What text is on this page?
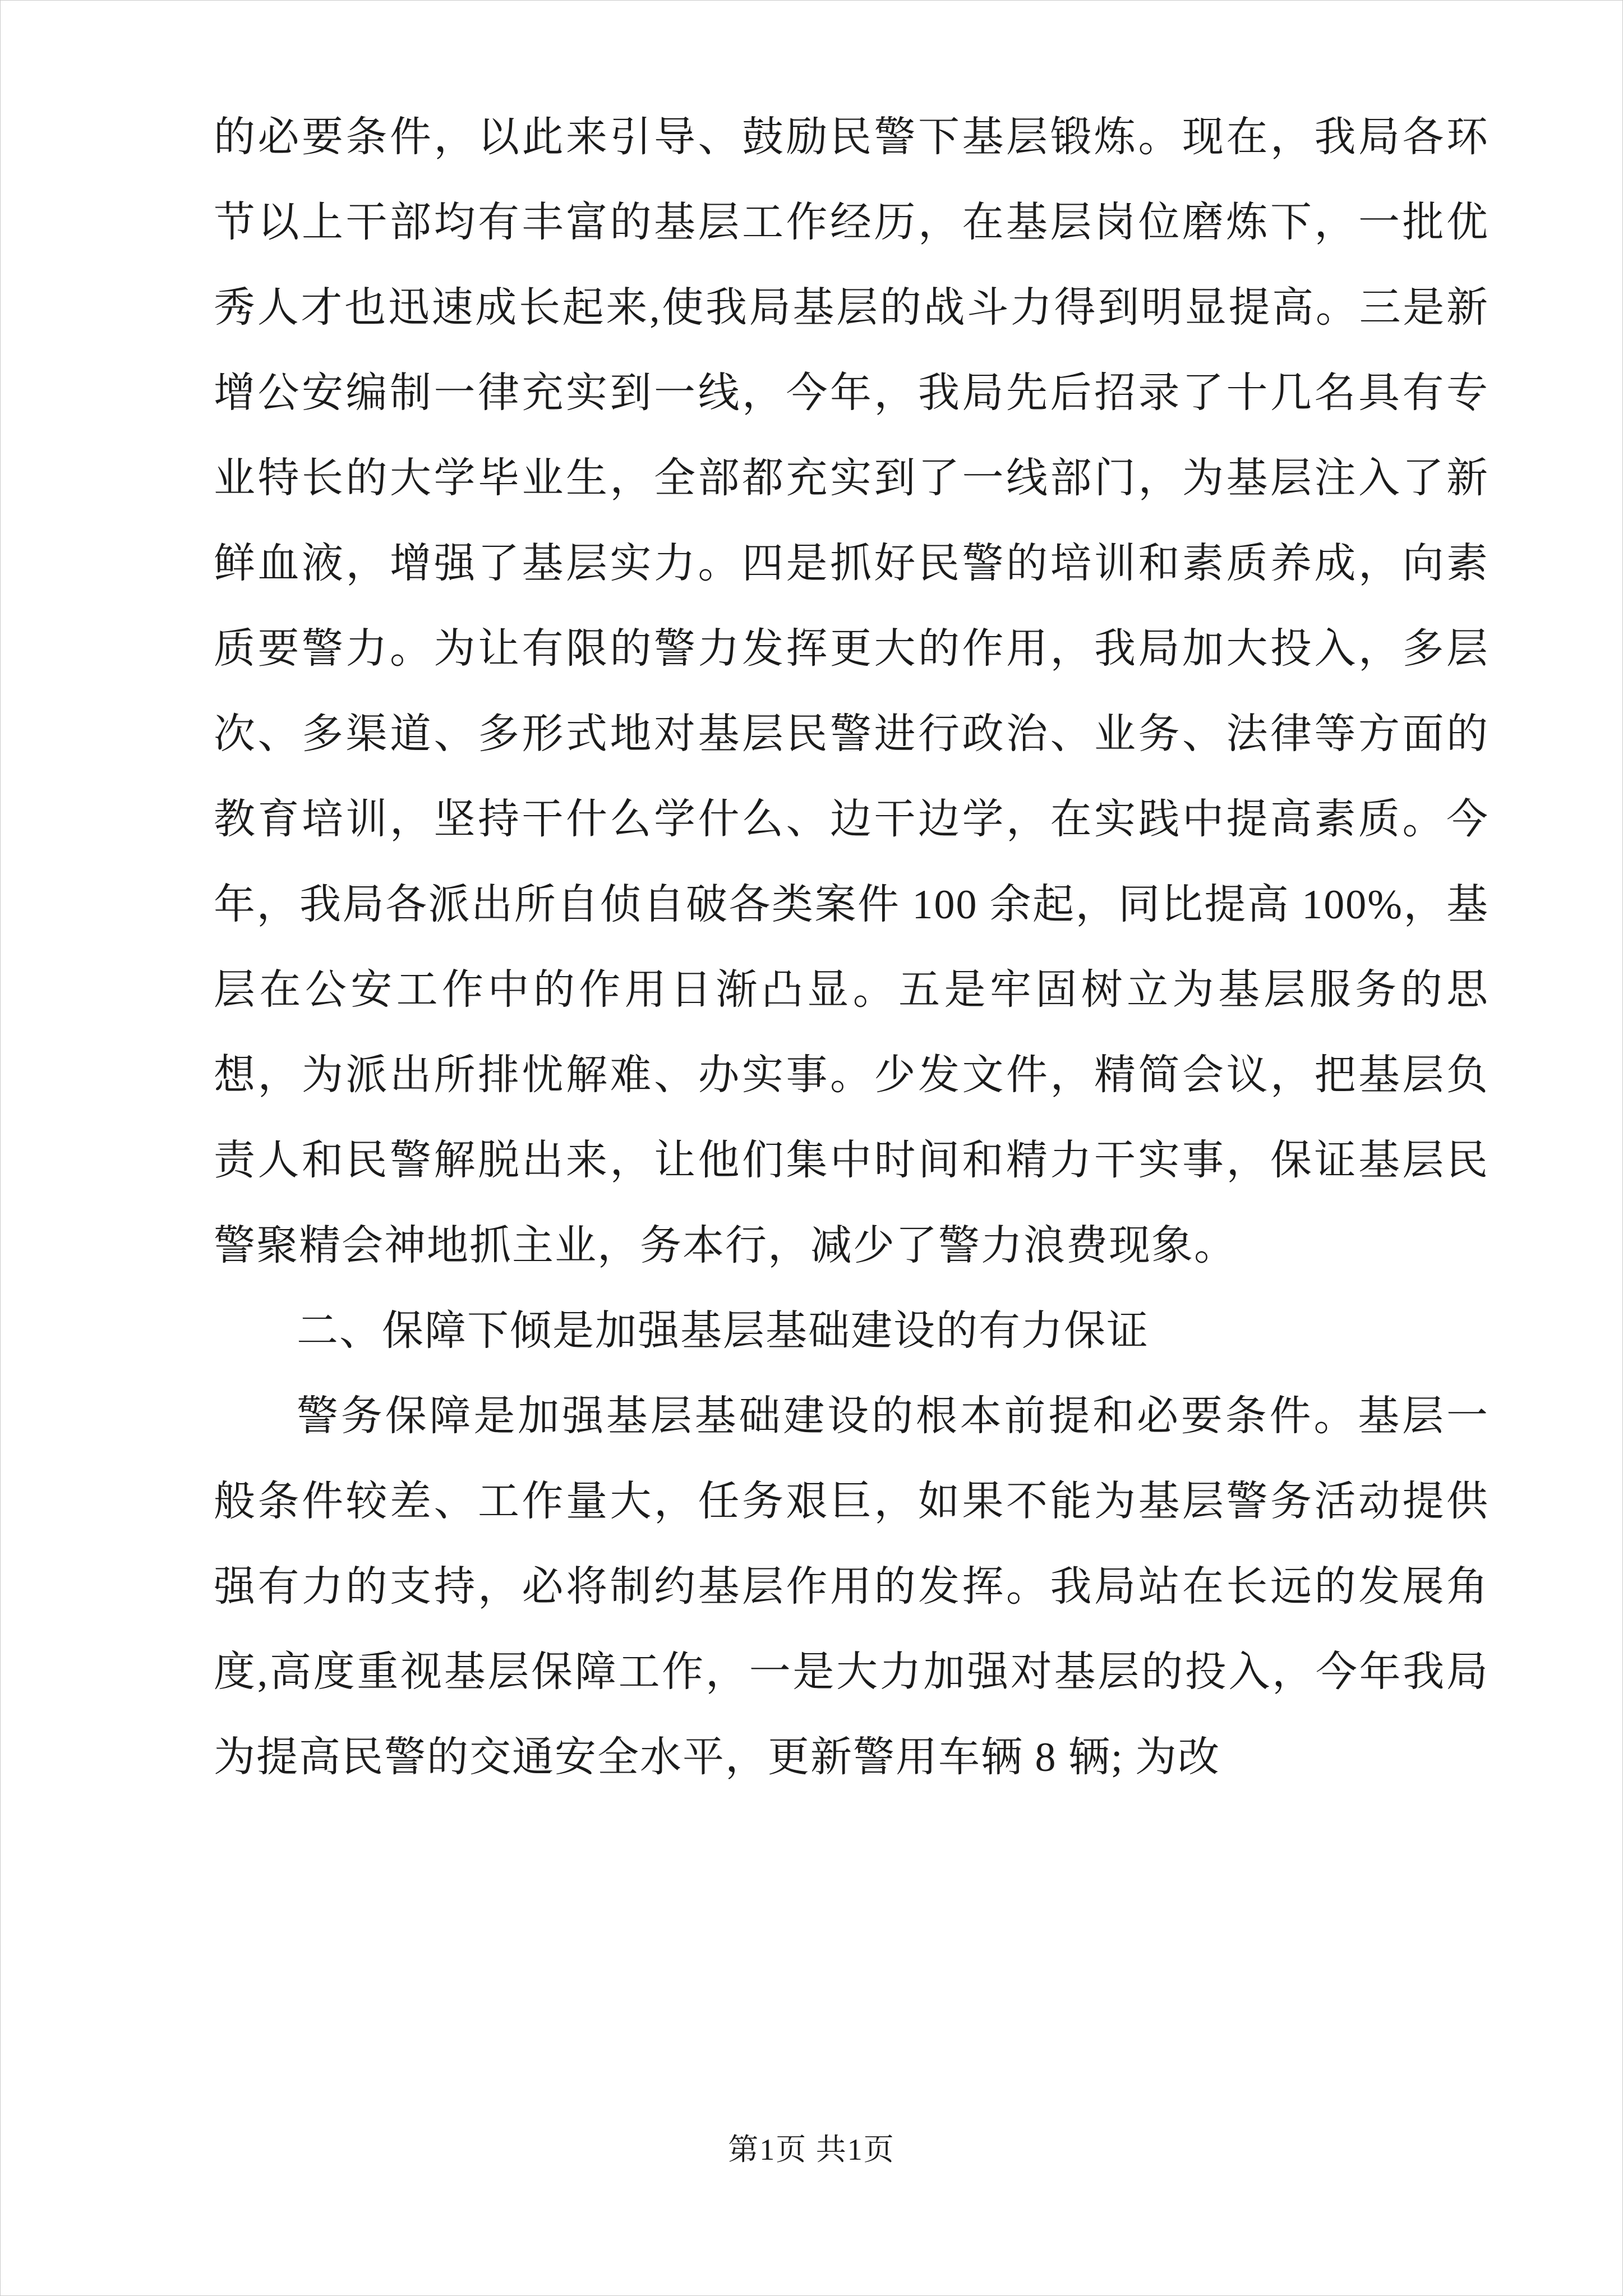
的必要条件，以此来引导、鼓励民警下基层锻炼。现在，我局各环节以上干部均有丰富的基层工作经历，在基层岗位磨炼下，一批优秀人才也迅速成长起来,使我局基层的战斗力得到明显提高。三是新增公安编制一律充实到一线，今年，我局先后招录了十几名具有专业特长的大学毕业生，全部都充实到了一线部门，为基层注入了新鲜血液，增强了基层实力。四是抓好民警的培训和素质养成，向素质要警力。为让有限的警力发挥更大的作用，我局加大投入，多层次、多渠道、多形式地对基层民警进行政治、业务、法律等方面的教育培训，坚持干什么学什么、边干边学，在实践中提高素质。今年，我局各派出所自侦自破各类案件 100 余起，同比提高 100%，基层在公安工作中的作用日渐凸显。五是牢固树立为基层服务的思想，为派出所排忧解难、办实事。少发文件，精简会议，把基层负责人和民警解脱出来，让他们集中时间和精力干实事，保证基层民警聚精会神地抓主业，务本行，减少了警力浪费现象。

二、保障下倾是加强基层基础建设的有力保证

警务保障是加强基层基础建设的根本前提和必要条件。基层一般条件较差、工作量大，任务艰巨，如果不能为基层警务活动提供强有力的支持，必将制约基层作用的发挥。我局站在长远的发展角度,高度重视基层保障工作，一是大力加强对基层的投入，今年我局为提高民警的交通安全水平，更新警用车辆 8 辆; 为改

第1页 共1页
